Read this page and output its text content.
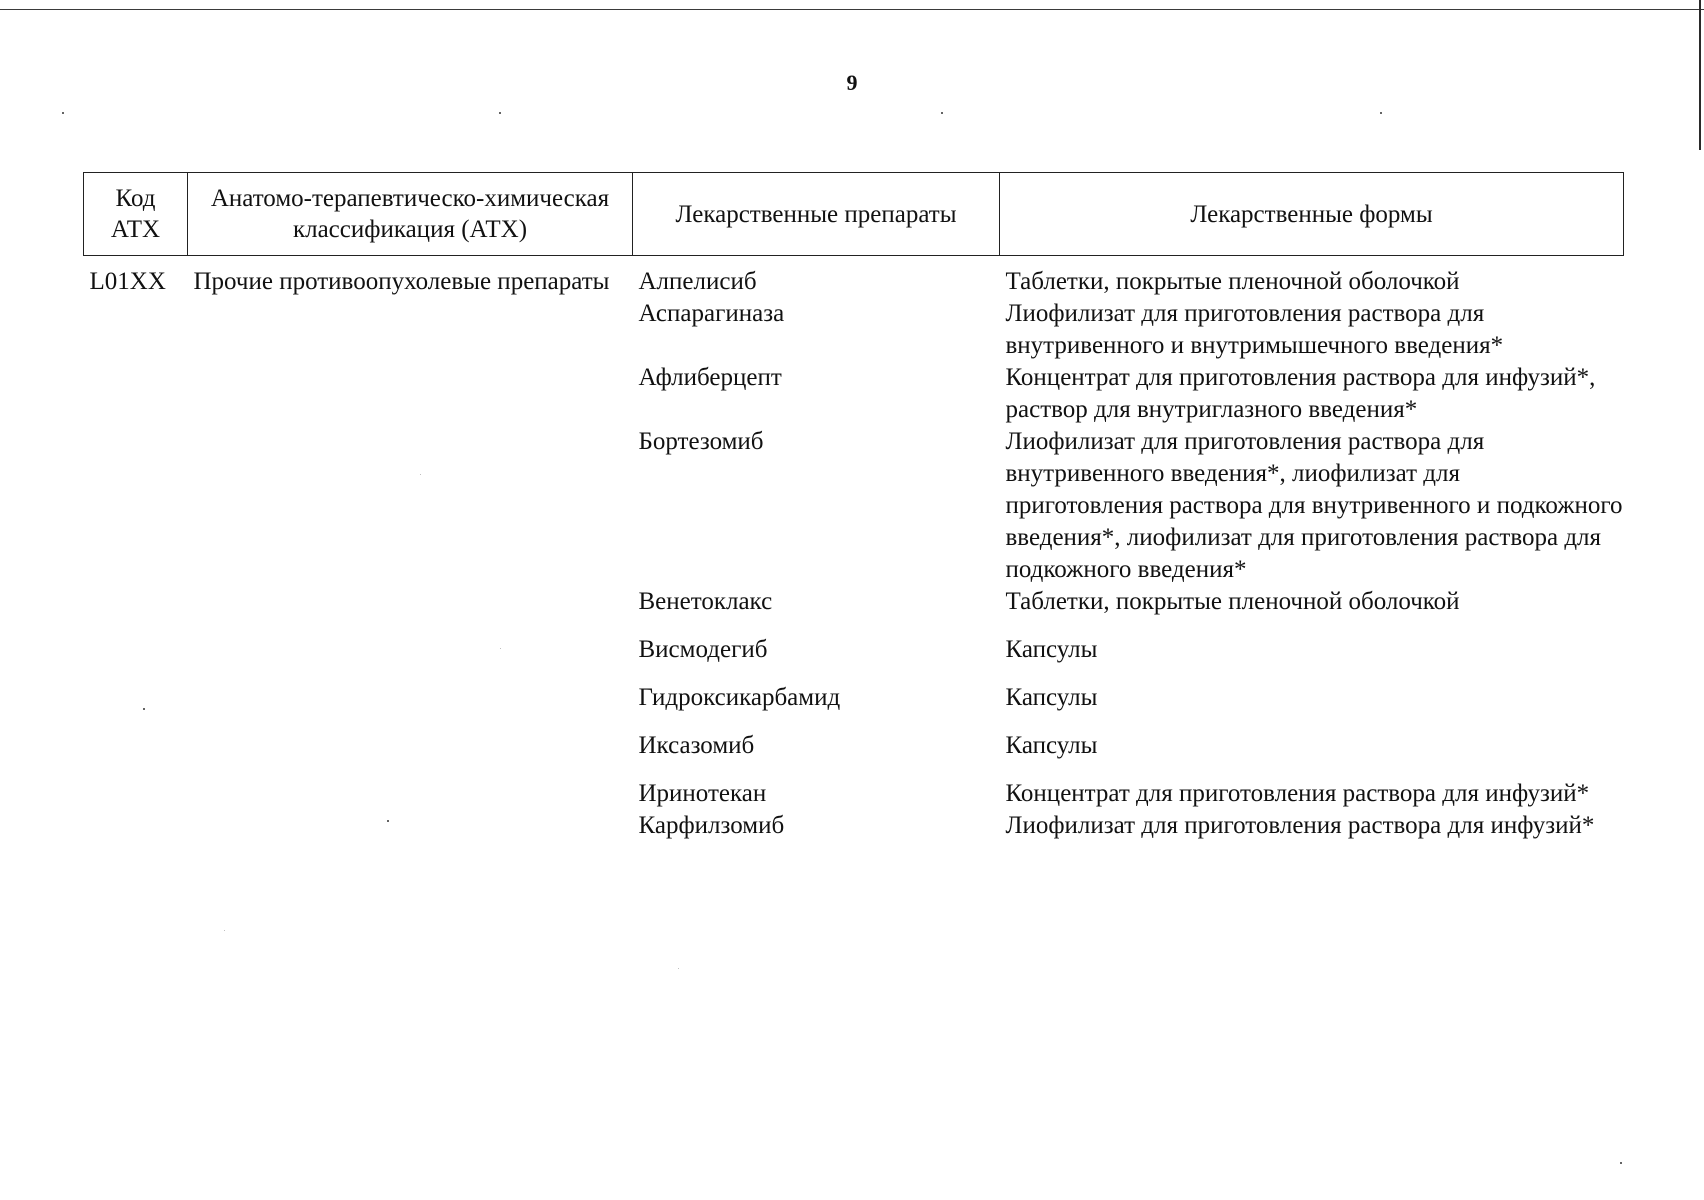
9
Код АТХ	Анатомо-терапевтическо-химическая классификация (АТХ)	Лекарственные препараты	Лекарственные формы
L01XX	Прочие противоопухолевые препараты	Алпелисиб	Таблетки, покрытые пленочной оболочкой
		Аспарагиназа	Лиофилизат для приготовления раствора для внутривенного и внутримышечного введения*
		Афлиберцепт	Концентрат для приготовления раствора для инфузий*, раствор для внутриглазного введения*
		Бортезомиб	Лиофилизат для приготовления раствора для внутривенного введения*, лиофилизат для приготовления раствора для внутривенного и подкожного введения*, лиофилизат для приготовления раствора для подкожного введения*
		Венетоклакс	Таблетки, покрытые пленочной оболочкой
		Висмодегиб	Капсулы
		Гидроксикарбамид	Капсулы
		Иксазомиб	Капсулы
		Иринотекан	Концентрат для приготовления раствора для инфузий*
		Карфилзомиб	Лиофилизат для приготовления раствора для инфузий*
